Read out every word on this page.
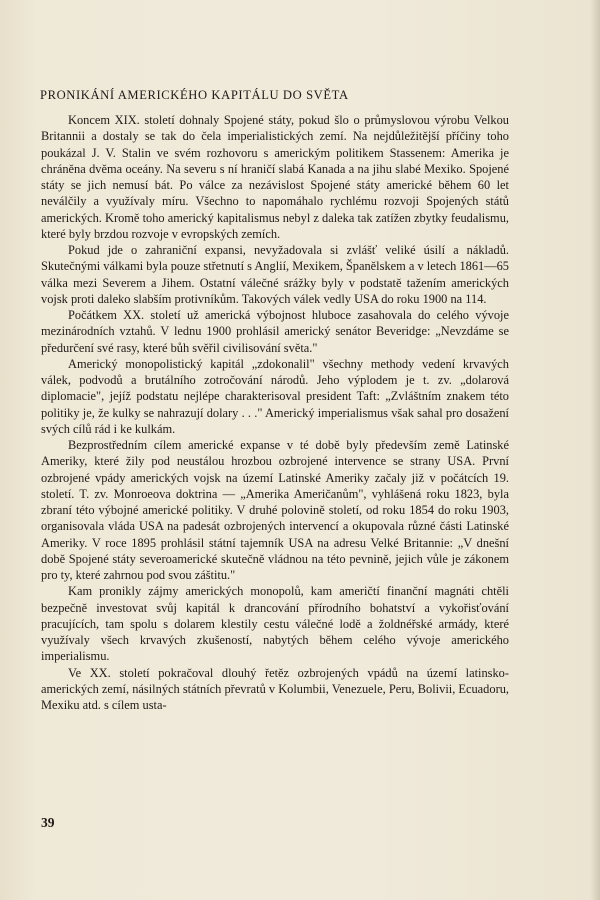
PRONIKÁNÍ AMERICKÉHO KAPITÁLU DO SVĚTA

Koncem XIX. století dohnaly Spojené státy, pokud šlo o průmyslovou výrobu Velkou Britannii a dostaly se tak do čela imperialistických zemí. Na nejdůležitější příčiny toho poukázal J. V. Stalin ve svém rozhovoru s americkým politikem Stassenem: Amerika je chráněna dvěma oceány. Na severu s ní hraničí slabá Kanada a na jihu slabé Mexiko. Spojené státy se jich nemusí bát. Po válce za nezávislost Spojené státy americké během 60 let neválčily a využívaly míru. Všechno to napomáhalo rychlému rozvoji Spojených států amerických. Kromě toho americký kapitalismus nebyl z daleka tak zatížen zbytky feudalismu, které byly brzdou rozvoje v evropských zemích.

Pokud jde o zahraniční expansi, nevyžadovala si zvlášť veliké úsilí a nákladů. Skutečnými válkami byla pouze střetnutí s Anglií, Mexikem, Španělskem a v letech 1861—65 válka mezi Severem a Jihem. Ostatní válečné srážky byly v podstatě tažením amerických vojsk proti daleko slabším protivníkům. Takových válek vedly USA do roku 1900 na 114.

Počátkem XX. století už americká výbojnost hluboce zasahovala do celého vývoje mezinárodních vztahů. V lednu 1900 prohlásil americký senátor Beveridge: „Nevzdáme se předurčení své rasy, které bůh svěřil civilisování světa."

Americký monopolistický kapitál „zdokonalil" všechny methody vedení krvavých válek, podvodů a brutálního zotročování národů. Jeho výplodem je t. zv. „dolarová diplomacie", jejíž podstatu nejlépe charakterisoval president Taft: „Zvláštním znakem této politiky je, že kulky se nahrazují dolary . . ." Americký imperialismus však sahal pro dosažení svých cílů rád i ke kulkám.

Bezprostředním cílem americké expanse v té době byly především země Latinské Ameriky, které žily pod neustálou hrozbou ozbrojené intervence se strany USA. První ozbrojené vpády amerických vojsk na území Latinské Ameriky začaly již v počátcích 19. století. T. zv. Monroeova doktrina — „Amerika Američanům", vyhlášená roku 1823, byla zbraní této výbojné americké politiky. V druhé polovině století, od roku 1854 do roku 1903, organisovala vláda USA na padesát ozbrojených intervencí a okupovala různé části Latinské Ameriky. V roce 1895 prohlásil státní tajemník USA na adresu Velké Britannie: „V dnešní době Spojené státy severoamerické skutečně vládnou na této pevnině, jejich vůle je zákonem pro ty, které zahrnou pod svou záštitu."

Kam pronikly zájmy amerických monopolů, kam američtí finanční magnáti chtěli bezpečně investovat svůj kapitál k drancování přírodního bohatství a vykořisťování pracujících, tam spolu s dolarem klestily cestu válečné lodě a žoldnéřské armády, které využívaly všech krvavých zkušeností, nabytých během celého vývoje amerického imperialismu.

Ve XX. století pokračoval dlouhý řetěz ozbrojených vpádů na území latinsko-amerických zemí, násilných státních převratů v Kolumbii, Venezuele, Peru, Bolivii, Ecuadoru, Mexiku atd. s cílem usta-

39
